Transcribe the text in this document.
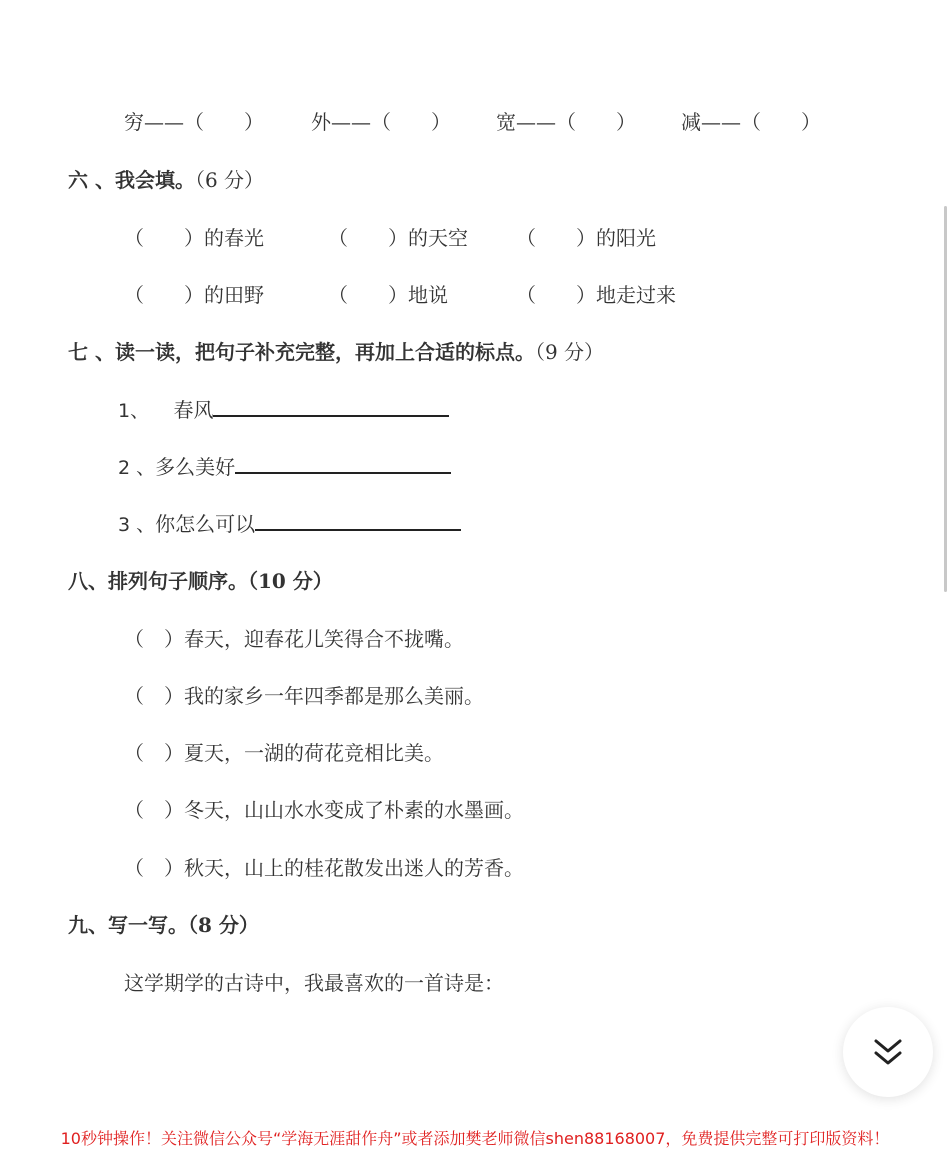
穷——（　　） 外——（　　） 宽——（　　） 减——（　　）
六 、我会填。（6 分）
（　　）的春光	（　　）的天空 （　　）的阳光
（　　）的田野	（　　）地说	（　　）地走过来
七 、读一读，把句子补充完整，再加上合适的标点。（9 分）
1、 春风
2 、多么美好
3 、你怎么可以
八、排列句子顺序。（10 分）
（　）春天，迎春花儿笑得合不拢嘴。
（　）我的家乡一年四季都是那么美丽。
（　）夏天，一湖的荷花竞相比美。
（　）冬天，山山水水变成了朴素的水墨画。
（　）秋天，山上的桂花散发出迷人的芳香。
九、写一写。（8 分）
这学期学的古诗中，我最喜欢的一首诗是：
10秒钟操作！关注微信公众号“学海无涯甜作舟”或者添加樊老师微信shen88168007，免费提供完整可打印版资料！
